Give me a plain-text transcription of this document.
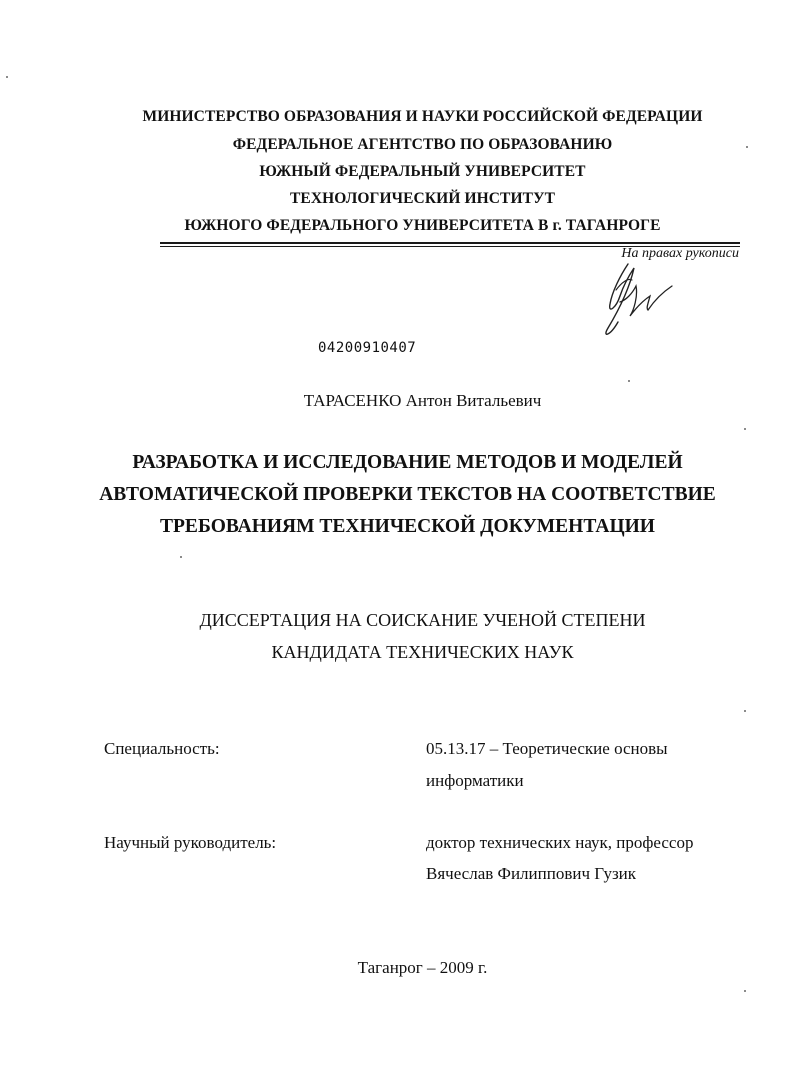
МИНИСТЕРСТВО ОБРАЗОВАНИЯ И НАУКИ РОССИЙСКОЙ ФЕДЕРАЦИИ
ФЕДЕРАЛЬНОЕ АГЕНТСТВО ПО ОБРАЗОВАНИЮ
ЮЖНЫЙ ФЕДЕРАЛЬНЫЙ УНИВЕРСИТЕТ
ТЕХНОЛОГИЧЕСКИЙ ИНСТИТУТ
ЮЖНОГО ФЕДЕРАЛЬНОГО УНИВЕРСИТЕТА В г. ТАГАНРОГЕ
На правах рукописи
04200910407
ТАРАСЕНКО Антон Витальевич
РАЗРАБОТКА И ИССЛЕДОВАНИЕ МЕТОДОВ И МОДЕЛЕЙ
АВТОМАТИЧЕСКОЙ ПРОВЕРКИ ТЕКСТОВ НА СООТВЕТСТВИЕ
ТРЕБОВАНИЯМ ТЕХНИЧЕСКОЙ ДОКУМЕНТАЦИИ
ДИССЕРТАЦИЯ НА СОИСКАНИЕ УЧЕНОЙ СТЕПЕНИ
КАНДИДАТА ТЕХНИЧЕСКИХ НАУК
Специальность:	05.13.17 – Теоретические основы
информатики
Научный руководитель:	доктор технических наук, профессор
Вячеслав Филиппович Гузик
Таганрог – 2009 г.
